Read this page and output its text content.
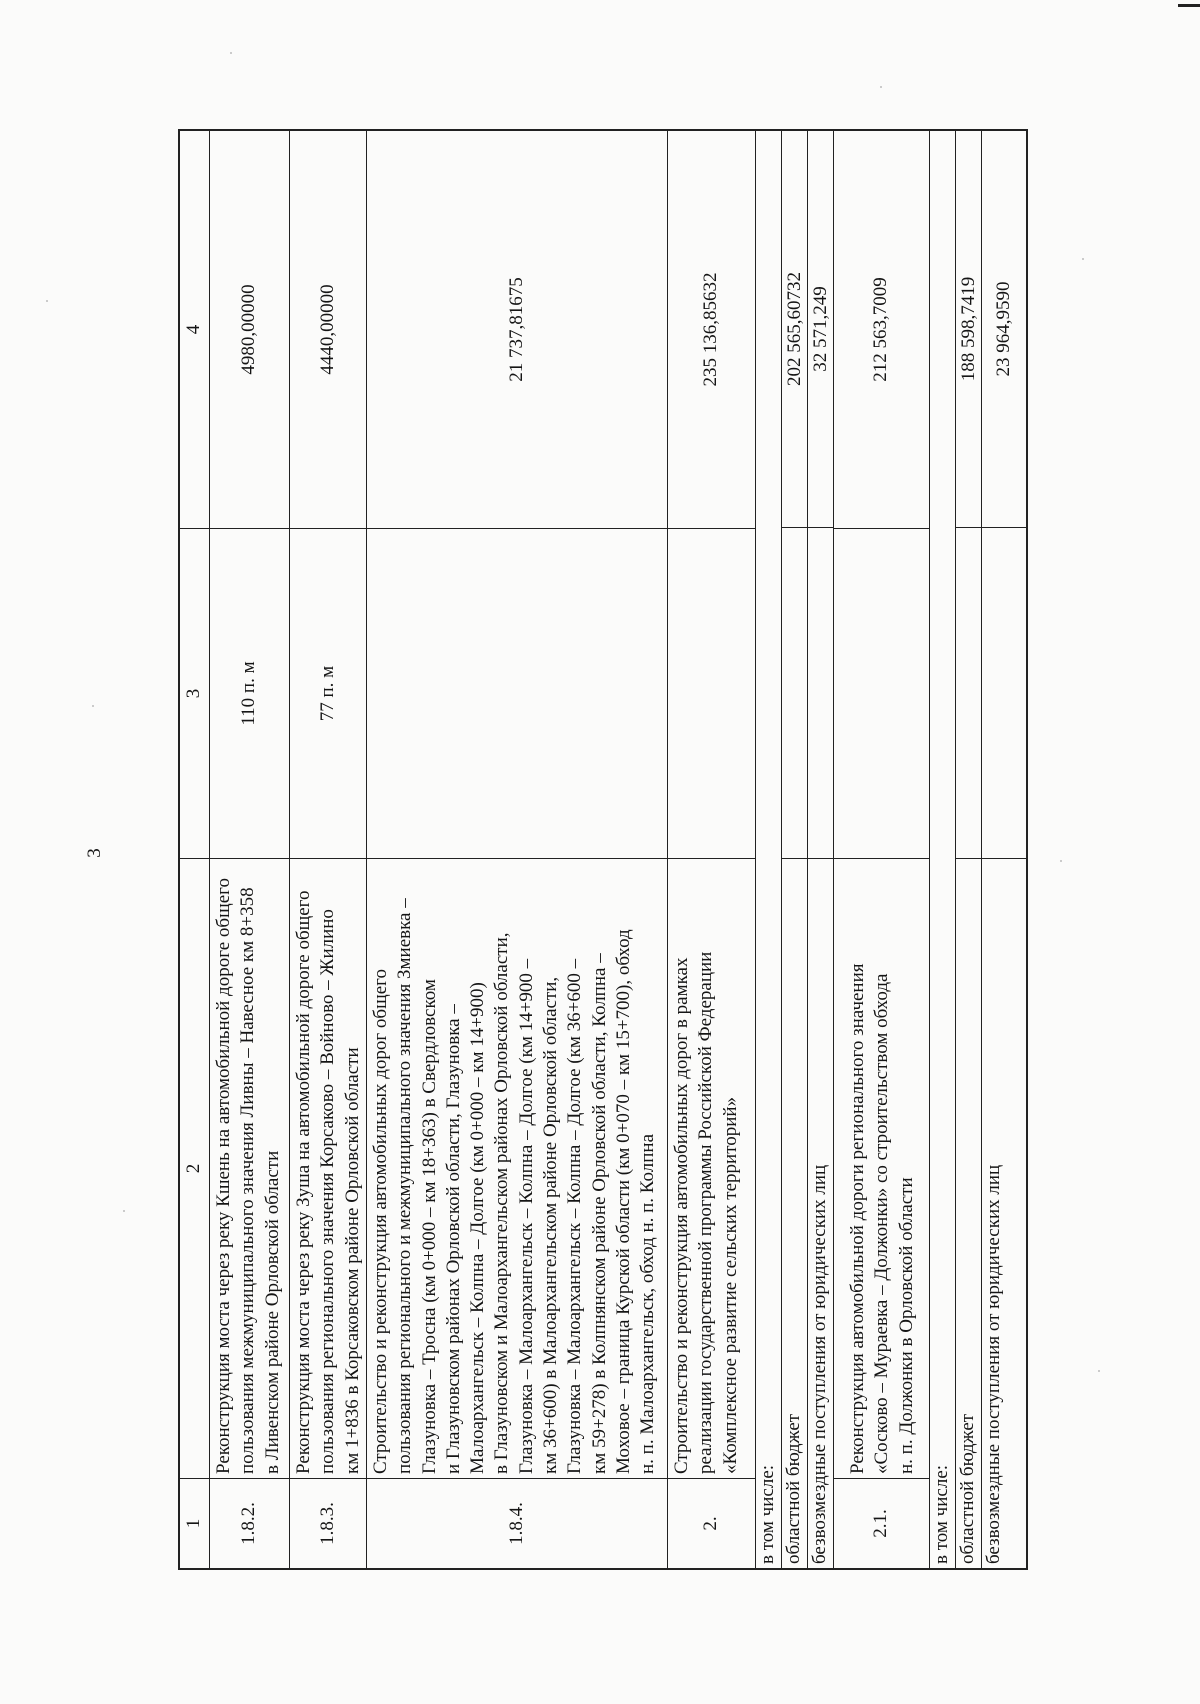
3
1
2
3
4
1.8.2.
Реконструкция моста через реку Кшень на автомобильной дороге общего пользования межмуниципального значения Ливны – Навесное км 8+358 в Ливенском районе Орловской области
110 п. м
4980,00000
1.8.3.
Реконструкция моста через реку Зуша на автомобильной дороге общего пользования регионального значения Корсаково – Войново – Жилино км 1+836 в Корсаковском районе Орловской области
77 п. м
4440,00000
1.8.4.
Строительство и реконструкция автомобильных дорог общего пользования регионального и межмуниципального значения Змиевка – Глазуновка – Тросна (км 0+000 – км 18+363) в Свердловском и Глазуновском районах Орловской области, Глазуновка – Малоархангельск – Колпна – Долгое (км 0+000 – км 14+900) в Глазуновском и Малоархангельском районах Орловской области, Глазуновка – Малоархангельск – Колпна – Долгое (км 14+900 – км 36+600) в Малоархангельском районе Орловской области, Глазуновка – Малоархангельск – Колпна – Долгое (км 36+600 – км 59+278) в Колпнянском районе Орловской области, Колпна – Моховое – граница Курской области (км 0+070 – км 15+700), обход н. п. Малоархангельск, обход н. п. Колпна
21 737,81675
2.
Строительство и реконструкция автомобильных дорог в рамках реализации государственной программы Российской Федерации «Комплексное развитие сельских территорий»
235 136,85632
в том числе: областной бюджет
202 565,60732
безвозмездные поступления от юридических лиц
32 571,249
2.1.
Реконструкция автомобильной дороги регионального значения «Сосково – Мураевка – Должонки» со строительством обхода н. п. Должонки в Орловской области
212 563,7009
в том числе: областной бюджет
188 598,7419
безвозмездные поступления от юридических лиц
23 964,9590
